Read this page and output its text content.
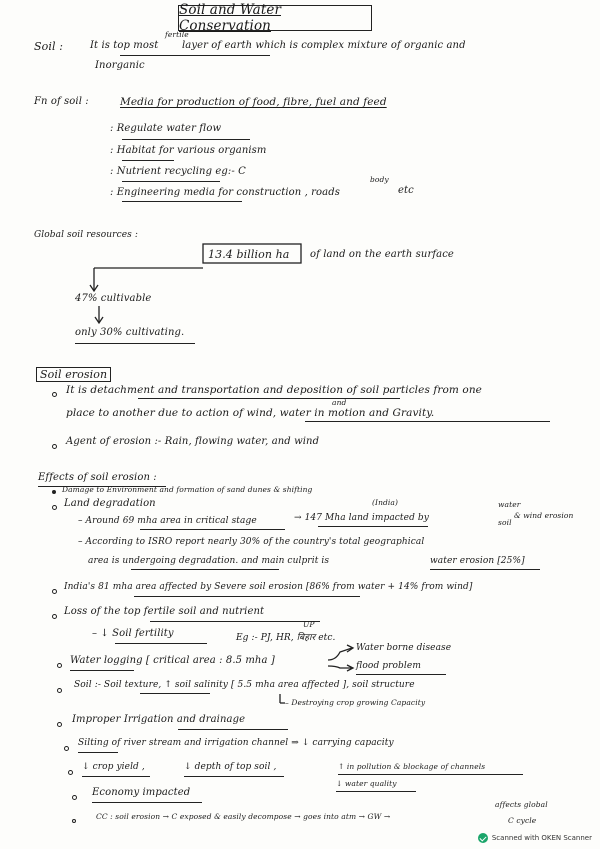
Soil and Water Conservation
Soil :	It is top most
fertile
layer of earth which is complex mixture of organic and
Inorganic
Fn of soil :	Media for production of food, fibre, fuel and feed
: Regulate water flow
: Habitat for various organism
: Nutrient recycling eg:- C
: Engineering media for construction , roads
body
etc
Global soil resources :
13.4 billion ha of land on the earth surface
47% cultivable
only 30% cultivating.
Soil erosion
It is detachment and transportation and deposition of soil particles from one
place to another due to action of wind, water in motion and Gravity.
and
Agent of erosion :- Rain, flowing water, and wind
Effects of soil erosion :
Damage to Environment and formation of sand dunes & shifting
Land degradation	(India)
– Around 69 mha area in critical stage	→ 147 Mha land impacted by
water
soil
& wind erosion
– According to ISRO report nearly 30% of the country's total geographical
area is undergoing degradation. and main culprit is	water erosion [25%]
India's 81 mha area affected by Severe soil erosion [86% from water + 14% from wind]
Loss of the top fertile soil and nutrient
– ↓ Soil fertility
UP
Eg :- PJ, HR, बिहार etc.
Water logging [ critical area : 8.5 mha ]
Water borne disease
flood problem
Soil :- Soil texture, ↑ soil salinity [ 5.5 mha area affected ], soil structure
– Destroying crop growing Capacity
Improper Irrigation and drainage
Silting of river stream and irrigation channel ⇒ ↓ carrying capacity
↓ crop yield ,	↓ depth of top soil ,	↑ in pollution & blockage of channels
↓ water quality
Economy impacted
CC : soil erosion → C exposed & easily decompose → goes into atm → GW →
affects global
C cycle
Scanned with OKEN Scanner
